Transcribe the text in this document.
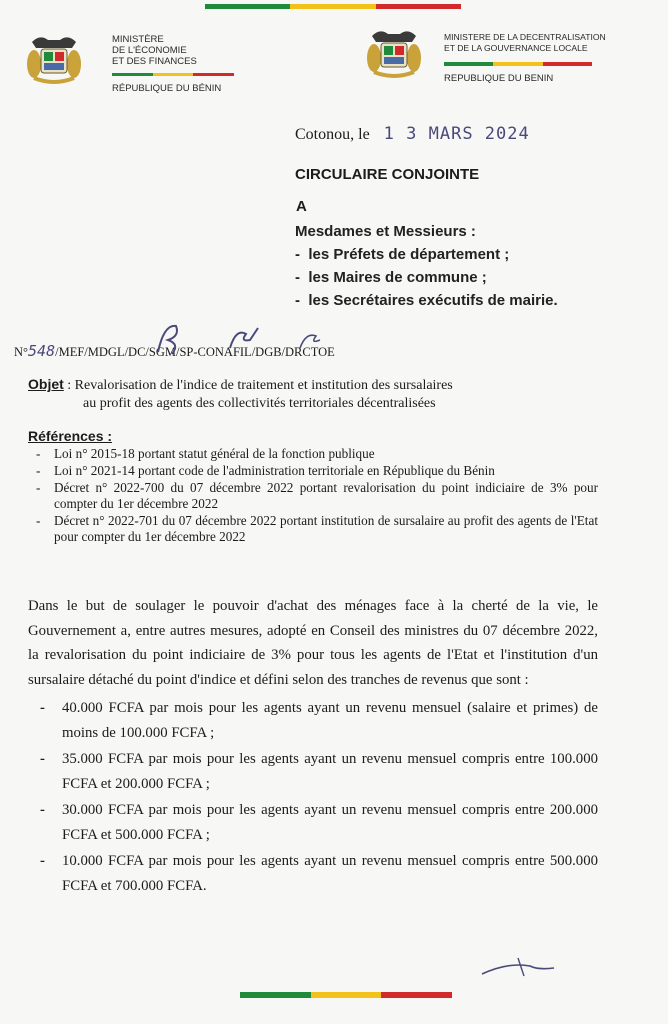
MINISTÈRE
DE L'ÉCONOMIE
ET DES FINANCES
RÉPUBLIQUE DU BÉNIN
MINISTERE DE LA DECENTRALISATION
ET DE LA GOUVERNANCE LOCALE
REPUBLIQUE DU BENIN
Cotonou, le 1 3 MARS 2024
CIRCULAIRE CONJOINTE
A
Mesdames et Messieurs :
-  les Préfets de département ;
-  les Maires de commune ;
-  les Secrétaires exécutifs de mairie.
N°548/MEF/MDGL/DC/SGM/SP-CONAFIL/DGB/DRCTOE
Objet : Revalorisation de l'indice de traitement et institution des sursalaires
au profit des agents des collectivités territoriales décentralisées
Références :
- Loi n° 2015-18 portant statut général de la fonction publique
- Loi n° 2021-14 portant code de l'administration territoriale en République du Bénin
- Décret n° 2022-700 du 07 décembre 2022 portant revalorisation du point indiciaire de 3% pour compter du 1er décembre 2022
- Décret n° 2022-701 du 07 décembre 2022 portant institution de sursalaire au profit des agents de l'Etat pour compter du 1er décembre 2022

Dans le but de soulager le pouvoir d'achat des ménages face à la cherté de la vie, le Gouvernement a, entre autres mesures, adopté en Conseil des ministres du 07 décembre 2022, la revalorisation du point indiciaire de 3% pour tous les agents de l'Etat et l'institution d'un sursalaire détaché du point d'indice et défini selon des tranches de revenus que sont :

- 40.000 FCFA par mois pour les agents ayant un revenu mensuel (salaire et primes) de moins de 100.000 FCFA ;
- 35.000 FCFA par mois pour les agents ayant un revenu mensuel compris entre 100.000 FCFA et 200.000 FCFA ;
- 30.000 FCFA par mois pour les agents ayant un revenu mensuel compris entre 200.000 FCFA et 500.000 FCFA ;
- 10.000 FCFA par mois pour les agents ayant un revenu mensuel compris entre 500.000 FCFA et 700.000 FCFA.
